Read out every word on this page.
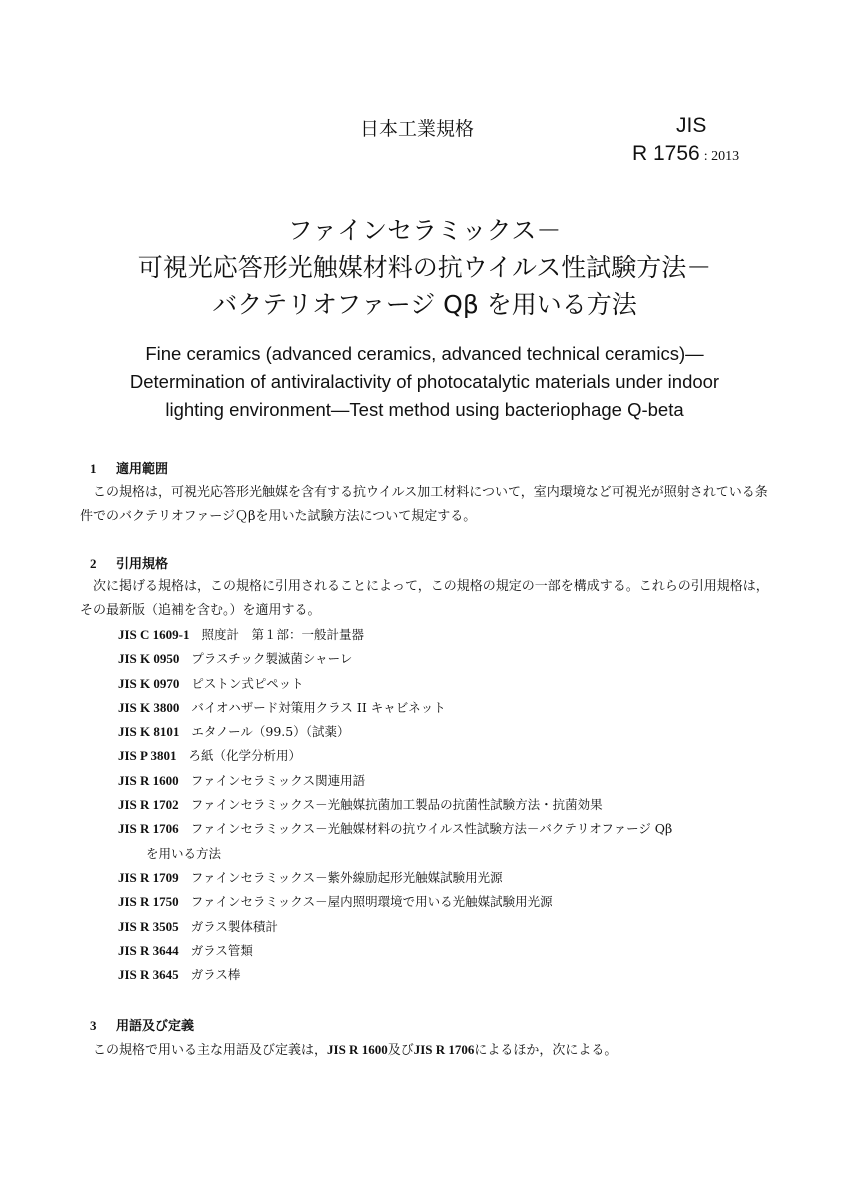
日本工業規格	JIS
R 1756 : 2013
ファインセラミックス－
可視光応答形光触媒材料の抗ウイルス性試験方法－
バクテリオファージ Qβ を用いる方法
Fine ceramics (advanced ceramics, advanced technical ceramics)—
Determination of antiviralactivity of photocatalytic materials under indoor
lighting environment—Test method using bacteriophage Q-beta
1 適用範囲
この規格は，可視光応答形光触媒を含有する抗ウイルス加工材料について，室内環境など可視光が照射されている条件でのバクテリオファージＱβを用いた試験方法について規定する。
2 引用規格
次に掲げる規格は，この規格に引用されることによって，この規格の規定の一部を構成する。これらの引用規格は，その最新版（追補を含む。）を適用する。
JIS C 1609-1 照度計　第１部：一般計量器
JIS K 0950 プラスチック製滅菌シャーレ
JIS K 0970 ピストン式ピペット
JIS K 3800 バイオハザード対策用クラス II キャビネット
JIS K 8101 エタノール（99.5）（試薬）
JIS P 3801 ろ紙（化学分析用）
JIS R 1600 ファインセラミックス関連用語
JIS R 1702 ファインセラミックス－光触媒抗菌加工製品の抗菌性試験方法・抗菌効果
JIS R 1706 ファインセラミックス－光触媒材料の抗ウイルス性試験方法－バクテリオファージ Qβ
を用いる方法
JIS R 1709 ファインセラミックス－紫外線励起形光触媒試験用光源
JIS R 1750 ファインセラミックス－屋内照明環境で用いる光触媒試験用光源
JIS R 3505 ガラス製体積計
JIS R 3644 ガラス管類
JIS R 3645 ガラス棒
3 用語及び定義
この規格で用いる主な用語及び定義は，JIS R 1600及びJIS R 1706によるほか，次による。
